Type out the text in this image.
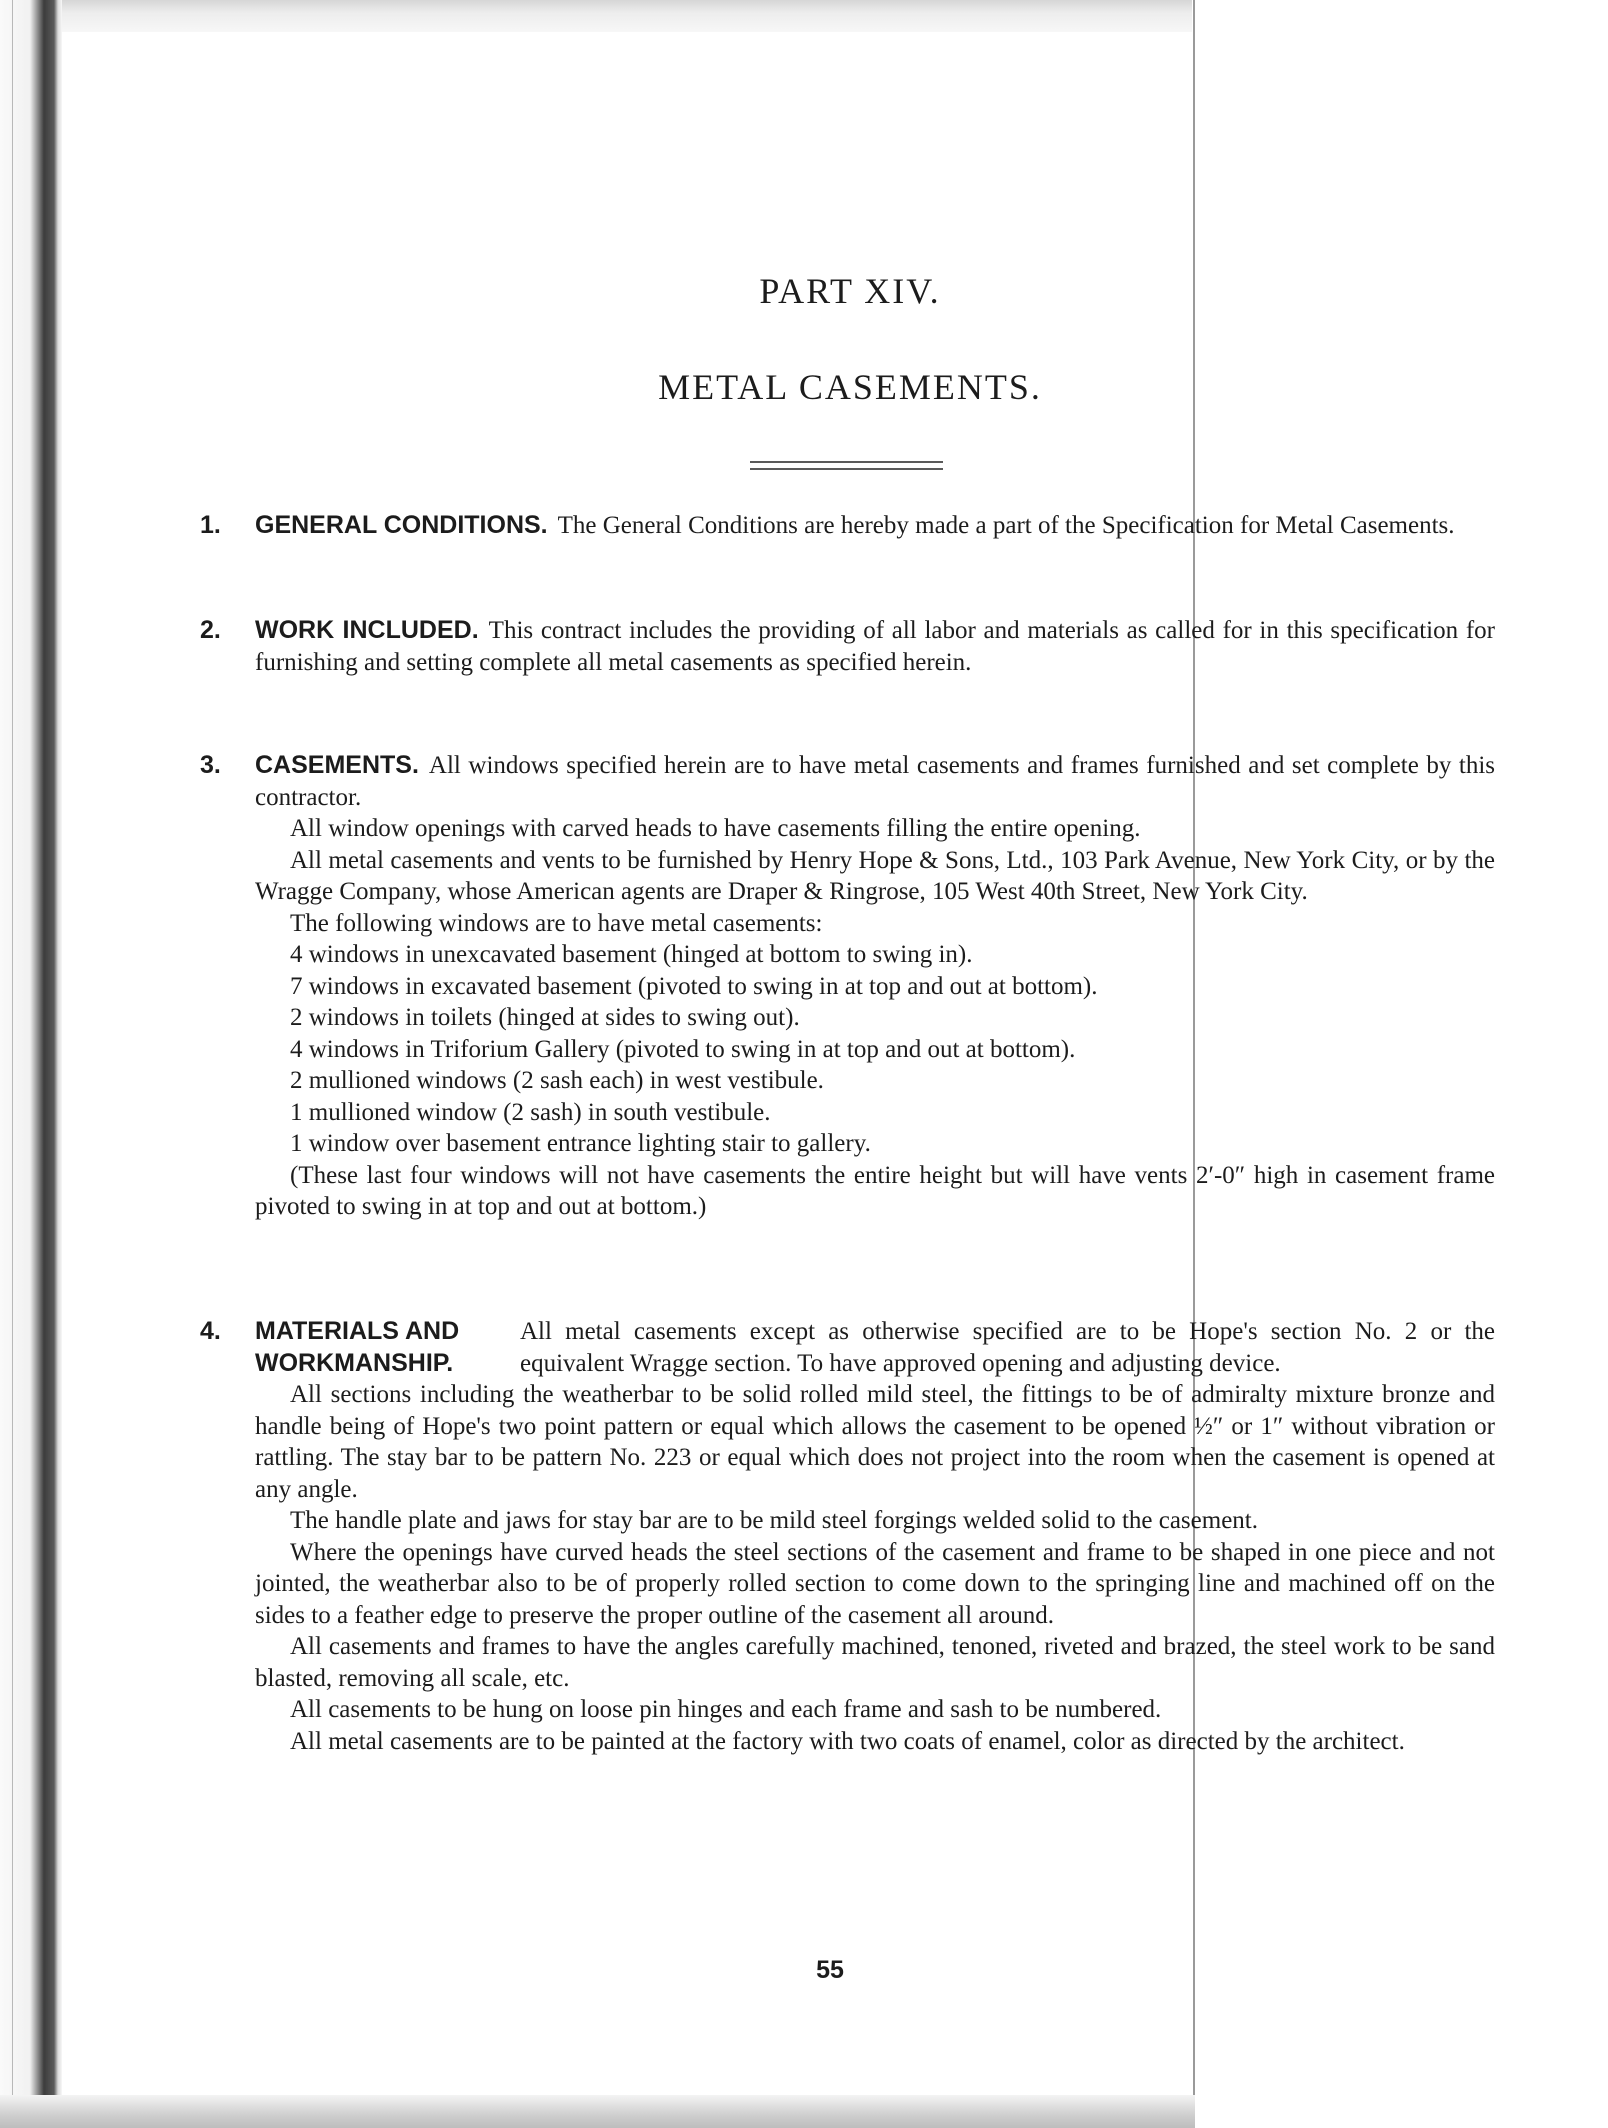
PART XIV.
METAL CASEMENTS.
1. GENERAL CONDITIONS. The General Conditions are hereby made a part of the Specification for Metal Casements.

2. WORK INCLUDED. This contract includes the providing of all labor and materials as called for in this specification for furnishing and setting complete all metal casements as specified herein.

3. CASEMENTS. All windows specified herein are to have metal casements and frames furnished and set complete by this contractor.

All window openings with carved heads to have casements filling the entire opening.

All metal casements and vents to be furnished by Henry Hope & Sons, Ltd., 103 Park Avenue, New York City, or by the Wragge Company, whose American agents are Draper & Ringrose, 105 West 40th Street, New York City.

The following windows are to have metal casements:

4 windows in unexcavated basement (hinged at bottom to swing in).

7 windows in excavated basement (pivoted to swing in at top and out at bottom).

2 windows in toilets (hinged at sides to swing out).

4 windows in Triforium Gallery (pivoted to swing in at top and out at bottom).

2 mullioned windows (2 sash each) in west vestibule.

1 mullioned window (2 sash) in south vestibule.

1 window over basement entrance lighting stair to gallery.

(These last four windows will not have casements the entire height but will have vents 2′-0″ high in casement frame pivoted to swing in at top and out at bottom.)

4. MATERIALS AND
WORKMANSHIP.
All metal casements except as otherwise specified are to be Hope's section No. 2 or the equivalent Wragge section. To have approved opening and adjusting device.

All sections including the weatherbar to be solid rolled mild steel, the fittings to be of admiralty mixture bronze and handle being of Hope's two point pattern or equal which allows the casement to be opened ½″ or 1″ without vibration or rattling. The stay bar to be pattern No. 223 or equal which does not project into the room when the casement is opened at any angle.

The handle plate and jaws for stay bar are to be mild steel forgings welded solid to the casement.

Where the openings have curved heads the steel sections of the casement and frame to be shaped in one piece and not jointed, the weatherbar also to be of properly rolled section to come down to the springing line and machined off on the sides to a feather edge to preserve the proper outline of the casement all around.

All casements and frames to have the angles carefully machined, tenoned, riveted and brazed, the steel work to be sand blasted, removing all scale, etc.

All casements to be hung on loose pin hinges and each frame and sash to be numbered.

All metal casements are to be painted at the factory with two coats of enamel, color as directed by the architect.

55
